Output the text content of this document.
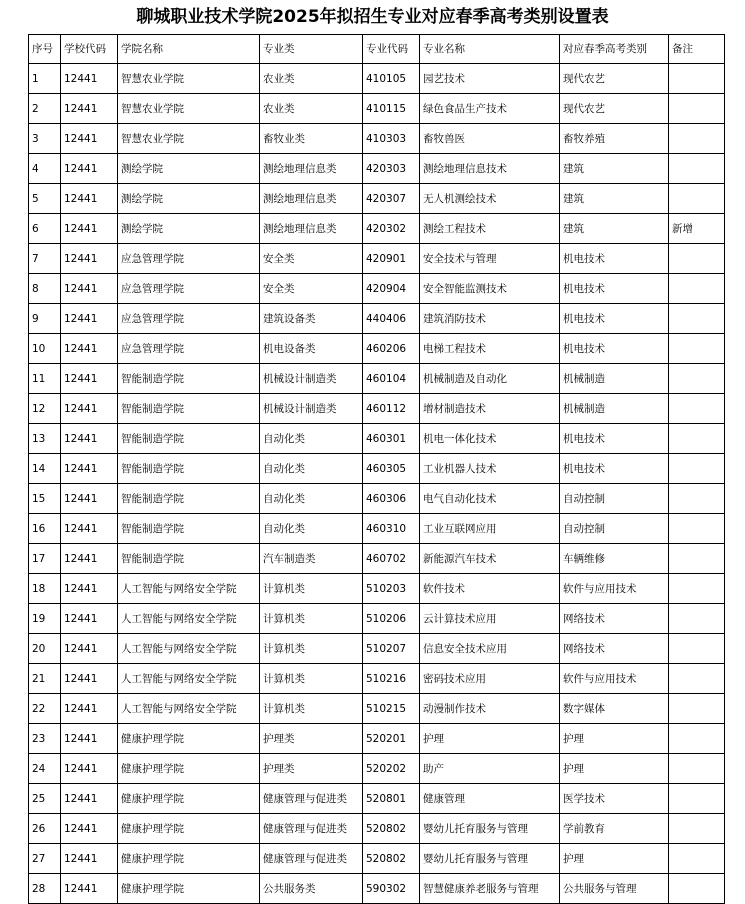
聊城职业技术学院2025年拟招生专业对应春季高考类别设置表
序号	学校代码	学院名称	专业类	专业代码	专业名称	对应春季高考类别	备注
1	12441	智慧农业学院	农业类	410105	园艺技术	现代农艺	
2	12441	智慧农业学院	农业类	410115	绿色食品生产技术	现代农艺	
3	12441	智慧农业学院	畜牧业类	410303	畜牧兽医	畜牧养殖	
4	12441	测绘学院	测绘地理信息类	420303	测绘地理信息技术	建筑	
5	12441	测绘学院	测绘地理信息类	420307	无人机测绘技术	建筑	
6	12441	测绘学院	测绘地理信息类	420302	测绘工程技术	建筑	新增
7	12441	应急管理学院	安全类	420901	安全技术与管理	机电技术	
8	12441	应急管理学院	安全类	420904	安全智能监测技术	机电技术	
9	12441	应急管理学院	建筑设备类	440406	建筑消防技术	机电技术	
10	12441	应急管理学院	机电设备类	460206	电梯工程技术	机电技术	
11	12441	智能制造学院	机械设计制造类	460104	机械制造及自动化	机械制造	
12	12441	智能制造学院	机械设计制造类	460112	增材制造技术	机械制造	
13	12441	智能制造学院	自动化类	460301	机电一体化技术	机电技术	
14	12441	智能制造学院	自动化类	460305	工业机器人技术	机电技术	
15	12441	智能制造学院	自动化类	460306	电气自动化技术	自动控制	
16	12441	智能制造学院	自动化类	460310	工业互联网应用	自动控制	
17	12441	智能制造学院	汽车制造类	460702	新能源汽车技术	车辆维修	
18	12441	人工智能与网络安全学院	计算机类	510203	软件技术	软件与应用技术	
19	12441	人工智能与网络安全学院	计算机类	510206	云计算技术应用	网络技术	
20	12441	人工智能与网络安全学院	计算机类	510207	信息安全技术应用	网络技术	
21	12441	人工智能与网络安全学院	计算机类	510216	密码技术应用	软件与应用技术	
22	12441	人工智能与网络安全学院	计算机类	510215	动漫制作技术	数字媒体	
23	12441	健康护理学院	护理类	520201	护理	护理	
24	12441	健康护理学院	护理类	520202	助产	护理	
25	12441	健康护理学院	健康管理与促进类	520801	健康管理	医学技术	
26	12441	健康护理学院	健康管理与促进类	520802	婴幼儿托育服务与管理	学前教育	
27	12441	健康护理学院	健康管理与促进类	520802	婴幼儿托育服务与管理	护理	
28	12441	健康护理学院	公共服务类	590302	智慧健康养老服务与管理	公共服务与管理	
